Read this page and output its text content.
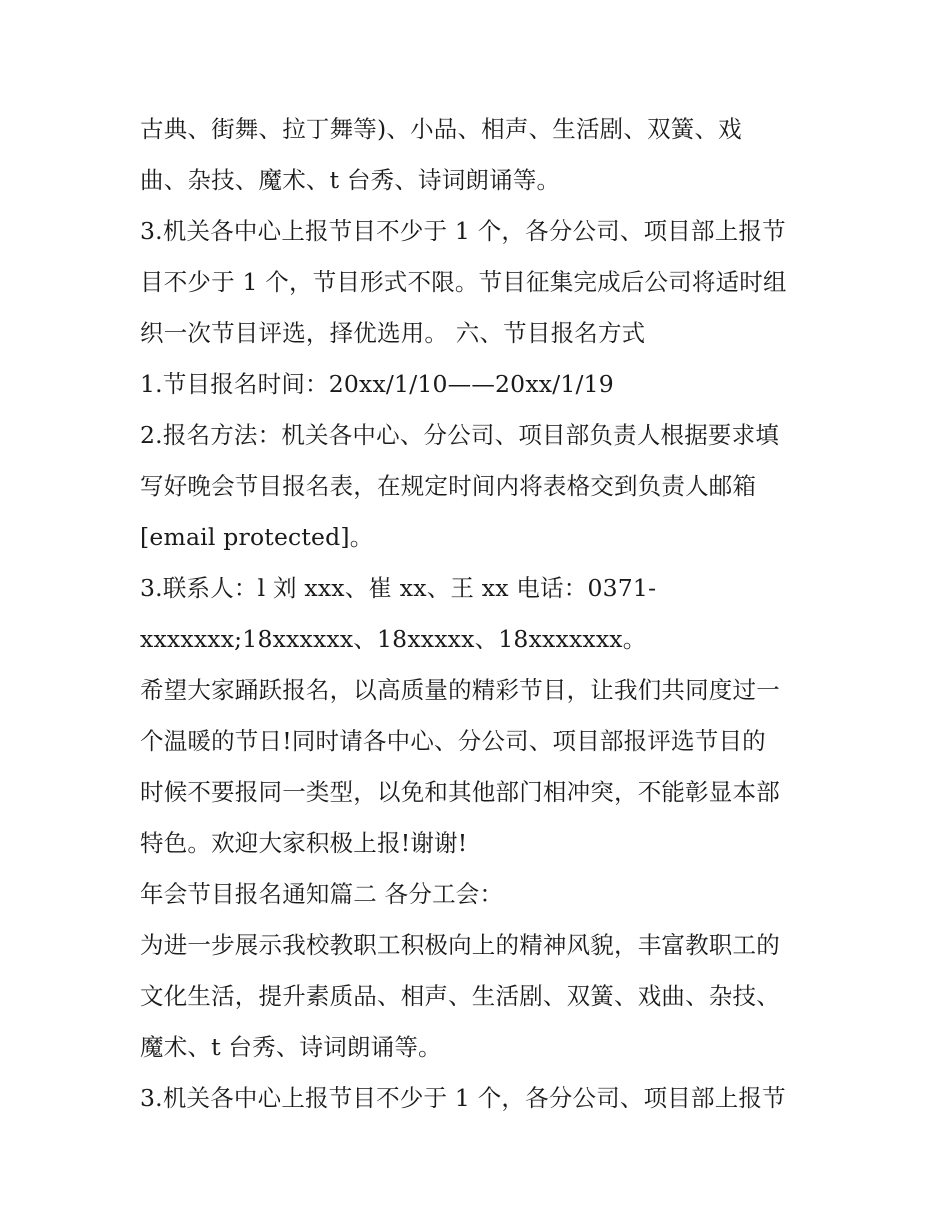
古典、街舞、拉丁舞等)、小品、相声、生活剧、双簧、戏
曲、杂技、魔术、t 台秀、诗词朗诵等。
3.机关各中心上报节目不少于 1 个，各分公司、项目部上报节
目不少于 1 个，节目形式不限。节目征集完成后公司将适时组
织一次节目评选，择优选用。 六、节目报名方式
1.节目报名时间：20xx/1/10——20xx/1/19
2.报名方法：机关各中心、分公司、项目部负责人根据要求填
写好晚会节目报名表，在规定时间内将表格交到负责人邮箱
[email protected]。
3.联系人：l 刘 xxx、崔 xx、王 xx 电话：0371-
xxxxxxx;18xxxxxx、18xxxxx、18xxxxxxx。
希望大家踊跃报名，以高质量的精彩节目，让我们共同度过一
个温暖的节日!同时请各中心、分公司、项目部报评选节目的
时候不要报同一类型，以免和其他部门相冲突，不能彰显本部
特色。欢迎大家积极上报!谢谢!
年会节目报名通知篇二 各分工会：
为进一步展示我校教职工积极向上的精神风貌，丰富教职工的
文化生活，提升素质品、相声、生活剧、双簧、戏曲、杂技、
魔术、t 台秀、诗词朗诵等。
3.机关各中心上报节目不少于 1 个，各分公司、项目部上报节
